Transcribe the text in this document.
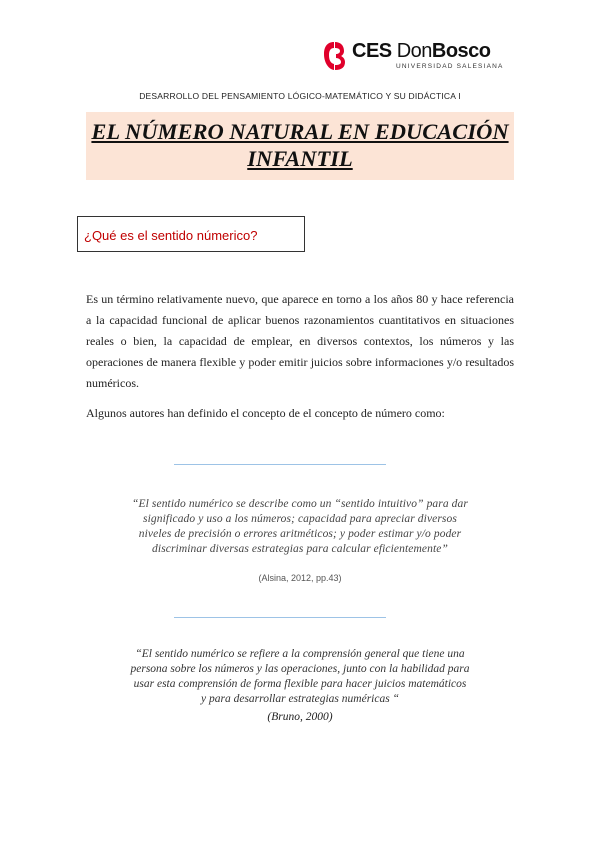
CES DonBosco
UNIVERSIDAD SALESIANA
DESARROLLO DEL PENSAMIENTO LÓGICO-MATEMÁTICO Y SU DIDÁCTICA I
EL NÚMERO NATURAL EN EDUCACIÓN
INFANTIL
¿Qué es el sentido númerico?

Es un término relativamente nuevo, que aparece en torno a los años 80 y hace referencia a la capacidad funcional de aplicar buenos razonamientos cuantitativos en situaciones reales o bien, la capacidad de emplear, en diversos contextos, los números y las operaciones de manera flexible y poder emitir juicios sobre informaciones y/o resultados numéricos.

Algunos autores han definido el concepto de el concepto de número como:

“El sentido numérico se describe como un “sentido intuitivo” para dar significado y uso a los números; capacidad para apreciar diversos niveles de precisión o errores aritméticos; y poder estimar y/o poder discriminar diversas estrategias para calcular eficientemente”

(Alsina, 2012, pp.43)

“El sentido numérico se refiere a la comprensión general que tiene una persona sobre los números y las operaciones, junto con la habilidad para usar esta comprensión de forma flexible para hacer juicios matemáticos y para desarrollar estrategias numéricas “

(Bruno, 2000)
